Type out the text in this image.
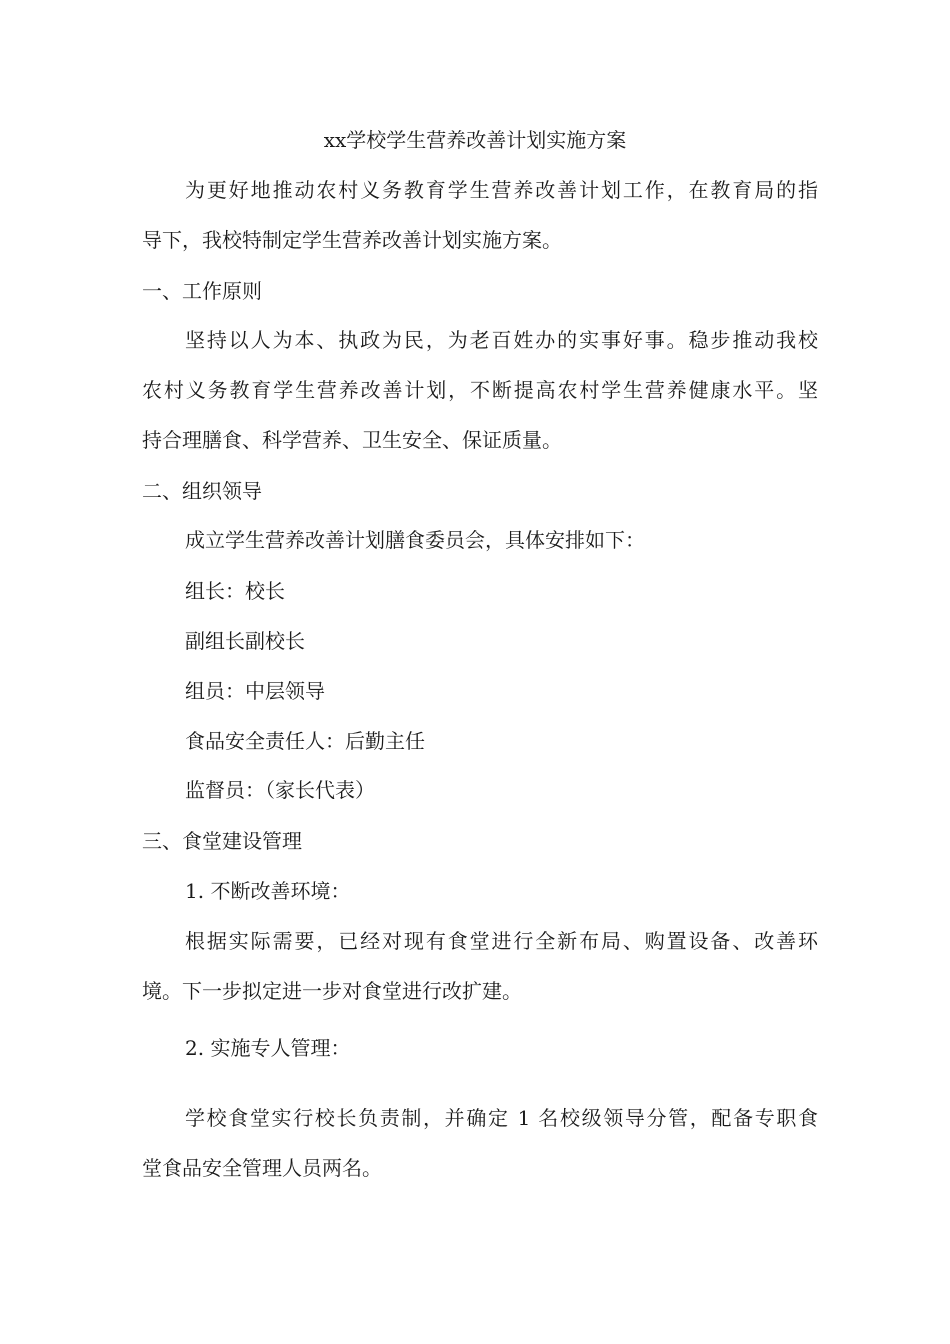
xx学校学生营养改善计划实施方案
为更好地推动农村义务教育学生营养改善计划工作，在教育局的指
导下，我校特制定学生营养改善计划实施方案。
一、工作原则
坚持以人为本、执政为民，为老百姓办的实事好事。稳步推动我校
农村义务教育学生营养改善计划，不断提高农村学生营养健康水平。坚
持合理膳食、科学营养、卫生安全、保证质量。
二、组织领导
成立学生营养改善计划膳食委员会，具体安排如下：
组长：校长
副组长副校长
组员：中层领导
食品安全责任人：后勤主任
监督员：（家长代表）
三、食堂建设管理
1. 不断改善环境：
根据实际需要，已经对现有食堂进行全新布局、购置设备、改善环
境。下一步拟定进一步对食堂进行改扩建。
2. 实施专人管理：
学校食堂实行校长负责制，并确定 1 名校级领导分管，配备专职食
堂食品安全管理人员两名。
